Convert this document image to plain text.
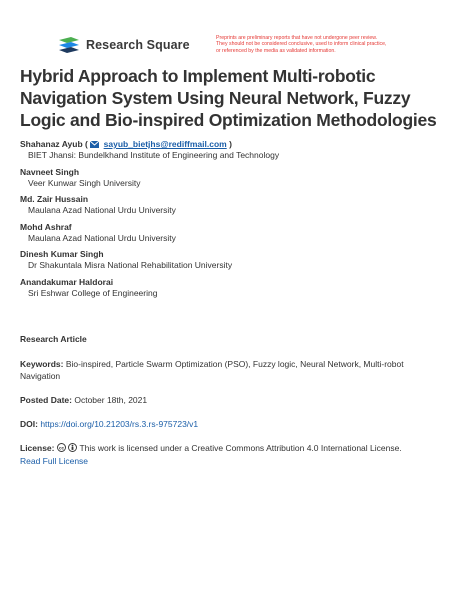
Research Square	Preprints are preliminary reports that have not undergone peer review.
They should not be considered conclusive, used to inform clinical practice,
or referenced by the media as validated information.
Hybrid Approach to Implement Multi-robotic
Navigation System Using Neural Network, Fuzzy
Logic and Bio-inspired Optimization Methodologies
Shahanaz Ayub ( sayub_bietjhs@rediffmail.com )
BIET Jhansi: Bundelkhand Institute of Engineering and Technology
Navneet Singh
Veer Kunwar Singh University
Md. Zair Hussain
Maulana Azad National Urdu University
Mohd Ashraf
Maulana Azad National Urdu University
Dinesh Kumar Singh
Dr Shakuntala Misra National Rehabilitation University
Anandakumar Haldorai
Sri Eshwar College of Engineering
Research Article
Keywords: Bio-inspired, Particle Swarm Optimization (PSO), Fuzzy logic, Neural Network, Multi-robot
Navigation
Posted Date: October 18th, 2021
DOI: https://doi.org/10.21203/rs.3.rs-975723/v1
License: cc This work is licensed under a Creative Commons Attribution 4.0 International License.
Read Full License
